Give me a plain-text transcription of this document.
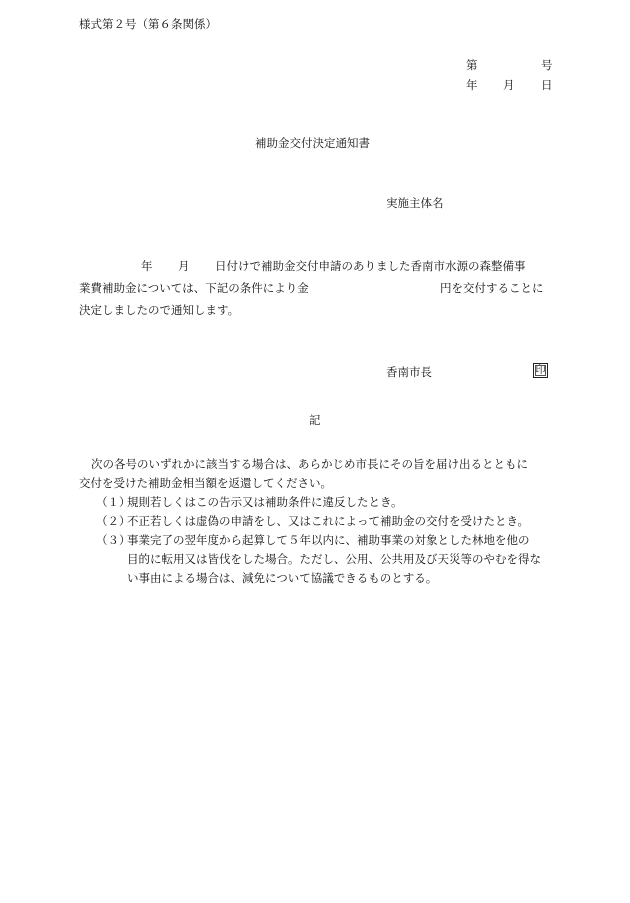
様式第２号（第６条関係）
第	号
年 月 日
補助金交付決定通知書
実施主体名
年 月 日付けで補助金交付申請のありました香南市水源の森整備事
業費補助金については、下記の条件により金	円を交付することに
決定しましたので通知します。
香南市長	印
記
次の各号のいずれかに該当する場合は、あらかじめ市長にその旨を届け出るとともに
交付を受けた補助金相当額を返還してください。
（１）
規則若しくはこの告示又は補助条件に違反したとき。
（２）
不正若しくは虚偽の申請をし、又はこれによって補助金の交付を受けたとき。
（３）
事業完了の翌年度から起算して５年以内に、補助事業の対象とした林地を他の
目的に転用又は皆伐をした場合。ただし、公用、公共用及び天災等のやむを得な
い事由による場合は、減免について協議できるものとする。
